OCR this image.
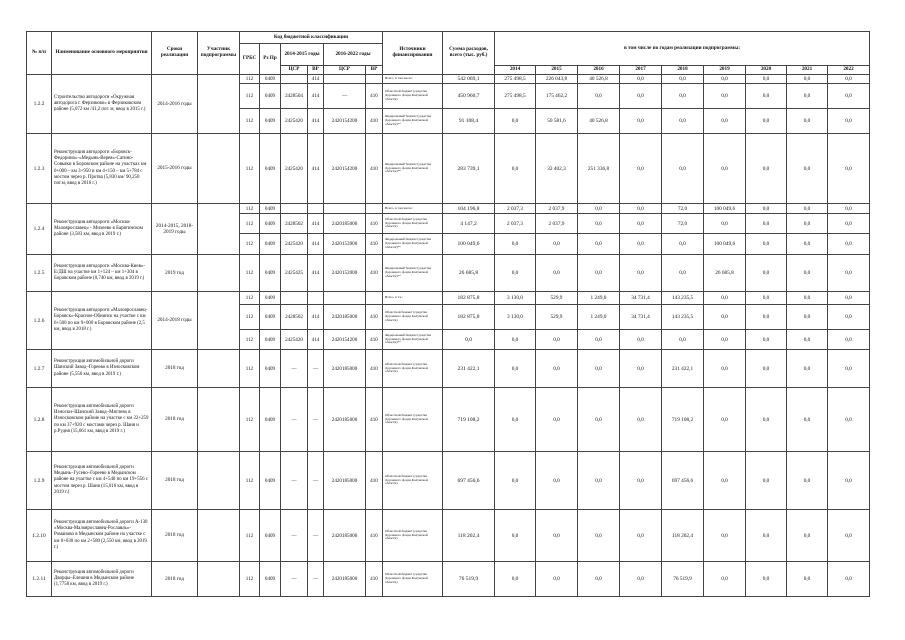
№ п/п	Наименование основного мероприятия	Сроки реализации	Участник подпрограммы	Код бюджетной классификации						Источники финансирования	Сумма расходов, всего (тыс. руб.)	в том числе по годам реализации подпрограммы:								
				ГРБС	Рз Пр	2014-2015 годы		2016-2022 годы												

						ЦСР	ВР	ЦСР	ВР			2014	2015	2016	2017	2018	2019	2020	2021	2022
1.2.2	Строительство автодороги «Окружная автодорога г. Ферзиково» в Ферзиковском районе (5,072 км /41,2 пог. м, ввод в 2015 г.)	2014-2016 годы		112	0409		414			Всего, в том числе:	542 069,1	275 498,5	226 043,8	40 526,8	0,0	0,0	0,0	0,0	0,0	0,0
				112	0409	2428504	414	—	410	Областной бюджет (средства Дорожного фонда Калужской области)	450 960,7	275 498,5	175 462,2	0,0	0,0	0,0	0,0	0,0	0,0	0,0
				112	0409	2425420	414	2420154200	410	Федеральный бюджет (средства Дорожного фонда Калужской области)**	91 108,4	0,0	50 581,6	40 526,8	0,0	0,0	0,0	0,0	0,0	0,0
1.2.3	Реконструкция автодороги «Боровск-Федорино»-«Медынь-Верея»-Сатино-Совьяки в Боровском районе на участках км 0+000 – км 3+950 и км 4+150 – км 5+784 с мостом через р. Протва (5,830 км/ 90,250 пог.м, ввод в 2016 г.)	2015-2016 годы		112	0409	2425420	414	2420154200	410	Федеральный бюджет (средства Дорожного фонда Калужской области)**	283 739,1	0,0	32 402,3	251 336,8	0,0	0,0	0,0	0,0	0,0	0,0
1.2.4	Реконструкция автодороги «Москва-Малоярославец» - Михеево в Барятинском районе (3,583 км, ввод в 2019 г.)	2014-2015, 2018-2019 годы		112	0409					Всего, в том числе:	104 196,8	2 037,3	2 037,9	0,0	0,0	72,0	100 049,6	0,0	0,0	0,0
				112	0409	2428502	414	2420185000	410	Областной бюджет (средства Дорожного фонда Калужской области)	4 147,2	2 037,3	2 037,9	0,0	0,0	72,0	0,0	0,0	0,0	0,0
				112	0409	2425420	414	2420153900	410	Федеральный бюджет (средства Дорожного фонда Калужской области)**	100 049,6	0,0	0,0	0,0	0,0	0,0	100 049,6	0,0	0,0	0,0
1.2.5	Реконструкция автодороги «Москва-Киев»-Е/ДШ на участке км 1+124 – км 1+304 в Боровском районе (0,740 км, ввод в 2019 г.)	2019 год		112	0409	2425425	414	2420153900	410	Федеральный бюджет (средства Дорожного фонда Калужской области)**	26 685,8	0,0	0,0	0,0	0,0	0,0	26 685,8	0,0	0,0	0,0
1.2.6	Реконструкция автодороги «Малоярославец-Боровск»-Красное-Обнинск на участке с км 6+500 по км 9+000 в Боровском районе (2,5 км, ввод в 2018 г.)	2014-2018 годы		112	0409					Всего, в т.ч.:	182 875,8	3 130,0	529,9	1 249,0	34 731,4	143 235,5	0,0	0,0	0,0	0,0
				112	0409	2428502	414	2420185000	410	Областной бюджет (средства Дорожного фонда Калужской области)	182 875,8	3 130,0	529,9	1 249,0	34 731,4	143 235,5	0,0	0,0	0,0	0,0
				112	0409	2425420	414	2420154200	410	Федеральный бюджет (средства Дорожного фонда Калужской области)**	0,0	0,0	0,0	0,0	0,0	0,0	0,0	0,0	0,0	0,0
1.2.7	Реконструкция автомобильной дороги Шанский Завод–Гореево в Износковском районе (5,550 км, ввод в 2019 г.)	2018 год		112	0409	—	—	2420185000	410	Областной бюджет (средства Дорожного фонда Калужской области)	231 422,1	0,0	0,0	0,0	0,0	231 422,1	0,0	0,0	0,0	0,0
1.2.8	Реконструкция автомобильной дороги Износки–Шанский Завод–Мятлево в Износковском районе на участке с км 22+259 по км 37+920 с мостами через р. Шаня и р.Рудня (15,661 км, ввод в 2019 г.)	2018 год		112	0409	—	—	2420185000	410	Областной бюджет (средства Дорожного фонда Калужской области)	719 108,2	0,0	0,0	0,0	0,0	719 108,2	0,0	0,0	0,0	0,0
1.2.9	Реконструкция автомобильной дороги Медынь–Гусево–Гореево в Медынском районе на участке с км 4+540 по км 19+556 с мостом через р. Шаня (15,016 км, ввод в 2019 г.)	2018 год		112	0409	—	—	2420185000	410	Областной бюджет (средства Дорожного фонда Калужской области)	697 456,6	0,0	0,0	0,0	0,0	697 456,6	0,0	0,0	0,0	0,0
1.2.10	Реконструкция автомобильной дороги А-130 «Москва-Малоярославец-Рославль»-Романово в Медынском районе на участке с км 0+030 по км 2+580 (2,550 км, ввод в 2019 г.)	2018 год		112	0409	—	—	2420185000	410	Областной бюджет (средства Дорожного фонда Калужской области)	118 202,4	0,0	0,0	0,0	0,0	118 202,4	0,0	0,0	0,0	0,0
1.2.11	Реконструкция автомобильной дороги Дворцы–Елешня в Медынском районе (1,7758 км, ввод в 2019 г.)	2018 год		112	0409	—	—	2420185000	410	Областной бюджет (средства Дорожного фонда Калужской области)	76 519,9	0,0	0,0	0,0	0,0	76 519,9	0,0	0,0	0,0	0,0
